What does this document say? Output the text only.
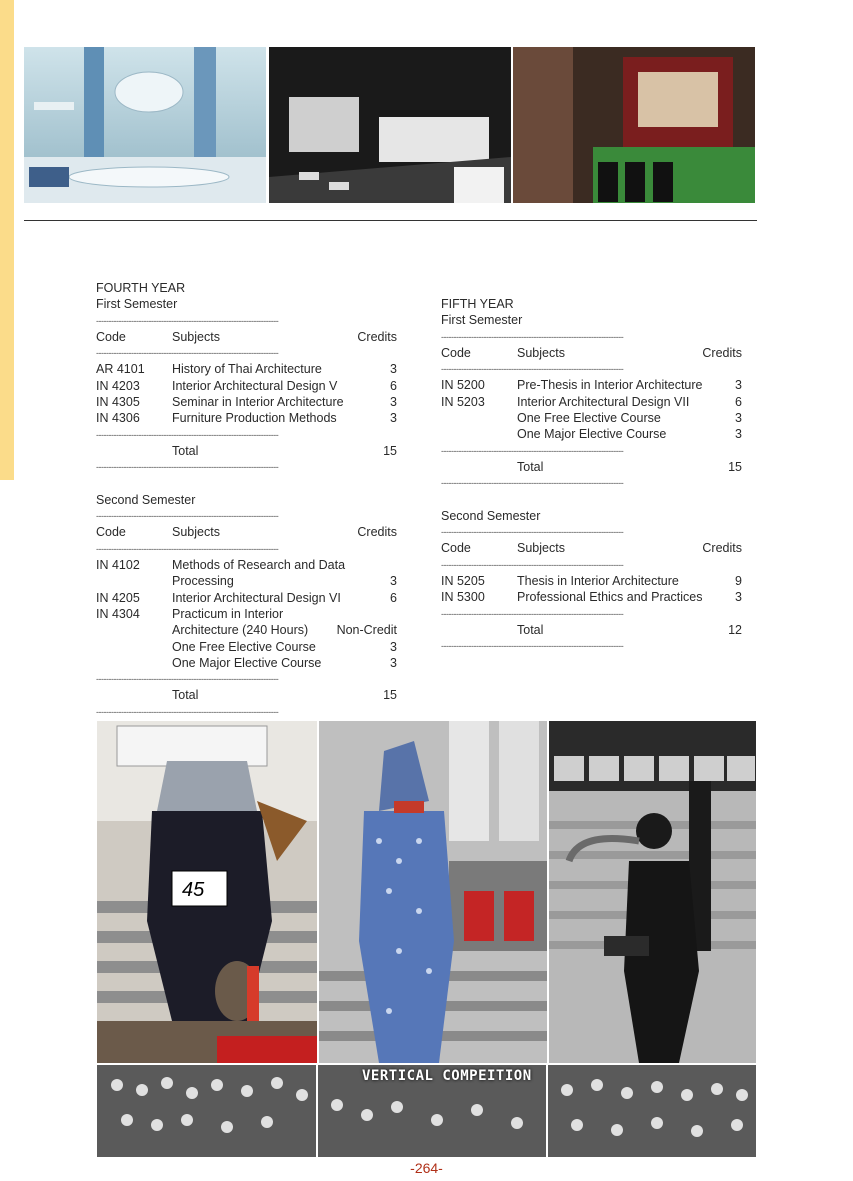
FOURTH YEAR
First Semester
-------------------------------------------------------------------------
Code	Subjects	Credits
-------------------------------------------------------------------------
AR 4101 History of Thai Architecture	3
IN 4203	Interior Architectural Design V	6
IN 4305	Seminar in Interior Architecture	3
IN 4306	Furniture Production Methods	3
-------------------------------------------------------------------------
Total	15
-------------------------------------------------------------------------
Second Semester
-------------------------------------------------------------------------
Code	Subjects	Credits
-------------------------------------------------------------------------
IN 4102	Methods of Research and Data
Processing	3
IN 4205	Interior Architectural Design VI	6
IN 4304	Practicum in Interior
Architecture (240 Hours) Non-Credit
One Free Elective Course	3
One Major Elective Course	3
-------------------------------------------------------------------------
Total	15
-------------------------------------------------------------------------
FIFTH YEAR
First Semester
-------------------------------------------------------------------------
Code	Subjects	Credits
-------------------------------------------------------------------------
IN 5200	Pre-Thesis in Interior Architecture	3
IN 5203	Interior Architectural Design VII	6
One Free Elective Course	3
One Major Elective Course	3
-------------------------------------------------------------------------
Total	15
-------------------------------------------------------------------------
Second Semester
-------------------------------------------------------------------------
Code	Subjects	Credits
-------------------------------------------------------------------------
IN 5205	Thesis in Interior Architecture	9
IN 5300	Professional Ethics and Practices	3
-------------------------------------------------------------------------
Total	12
-------------------------------------------------------------------------
45
VERTICAL COMPEITION
-264-
